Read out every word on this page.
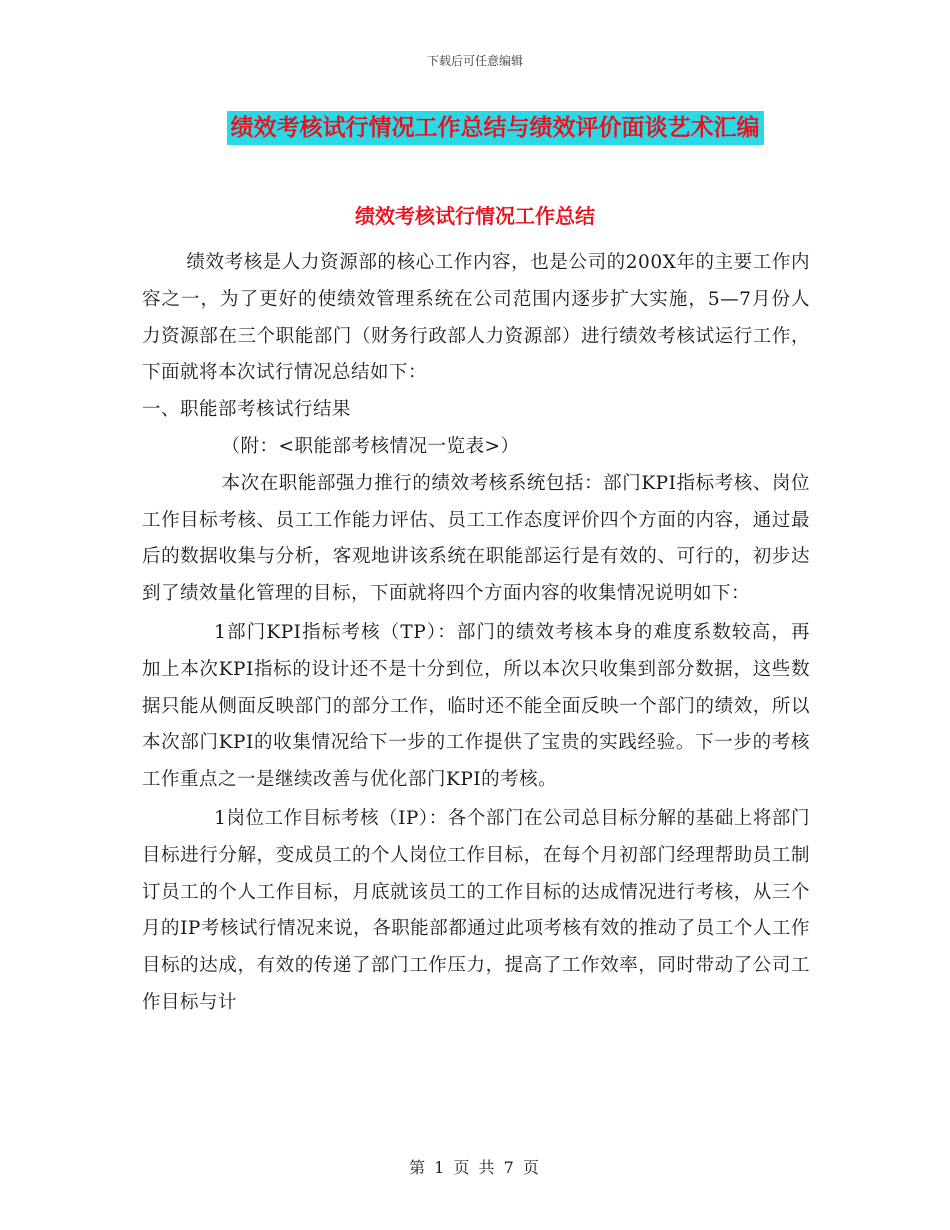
下载后可任意编辑
绩效考核试行情况工作总结与绩效评价面谈艺术汇编
绩效考核试行情况工作总结

绩效考核是人力资源部的核心工作内容，也是公司的200X年的主要工作内容之一，为了更好的使绩效管理系统在公司范围内逐步扩大实施，5—7月份人力资源部在三个职能部门（财务行政部人力资源部）进行绩效考核试运行工作，下面就将本次试行情况总结如下：

一、职能部考核试行结果

（附：<职能部考核情况一览表>）

本次在职能部强力推行的绩效考核系统包括：部门KPI指标考核、岗位工作目标考核、员工工作能力评估、员工工作态度评价四个方面的内容，通过最后的数据收集与分析，客观地讲该系统在职能部运行是有效的、可行的，初步达到了绩效量化管理的目标，下面就将四个方面内容的收集情况说明如下：

1部门KPI指标考核（TP）：部门的绩效考核本身的难度系数较高，再加上本次KPI指标的设计还不是十分到位，所以本次只收集到部分数据，这些数据只能从侧面反映部门的部分工作，临时还不能全面反映一个部门的绩效，所以本次部门KPI的收集情况给下一步的工作提供了宝贵的实践经验。下一步的考核工作重点之一是继续改善与优化部门KPI的考核。

1岗位工作目标考核（IP）：各个部门在公司总目标分解的基础上将部门目标进行分解，变成员工的个人岗位工作目标，在每个月初部门经理帮助员工制订员工的个人工作目标，月底就该员工的工作目标的达成情况进行考核，从三个月的IP考核试行情况来说，各职能部都通过此项考核有效的推动了员工个人工作目标的达成，有效的传递了部门工作压力，提高了工作效率，同时带动了公司工作目标与计

第 1 页 共 7 页
